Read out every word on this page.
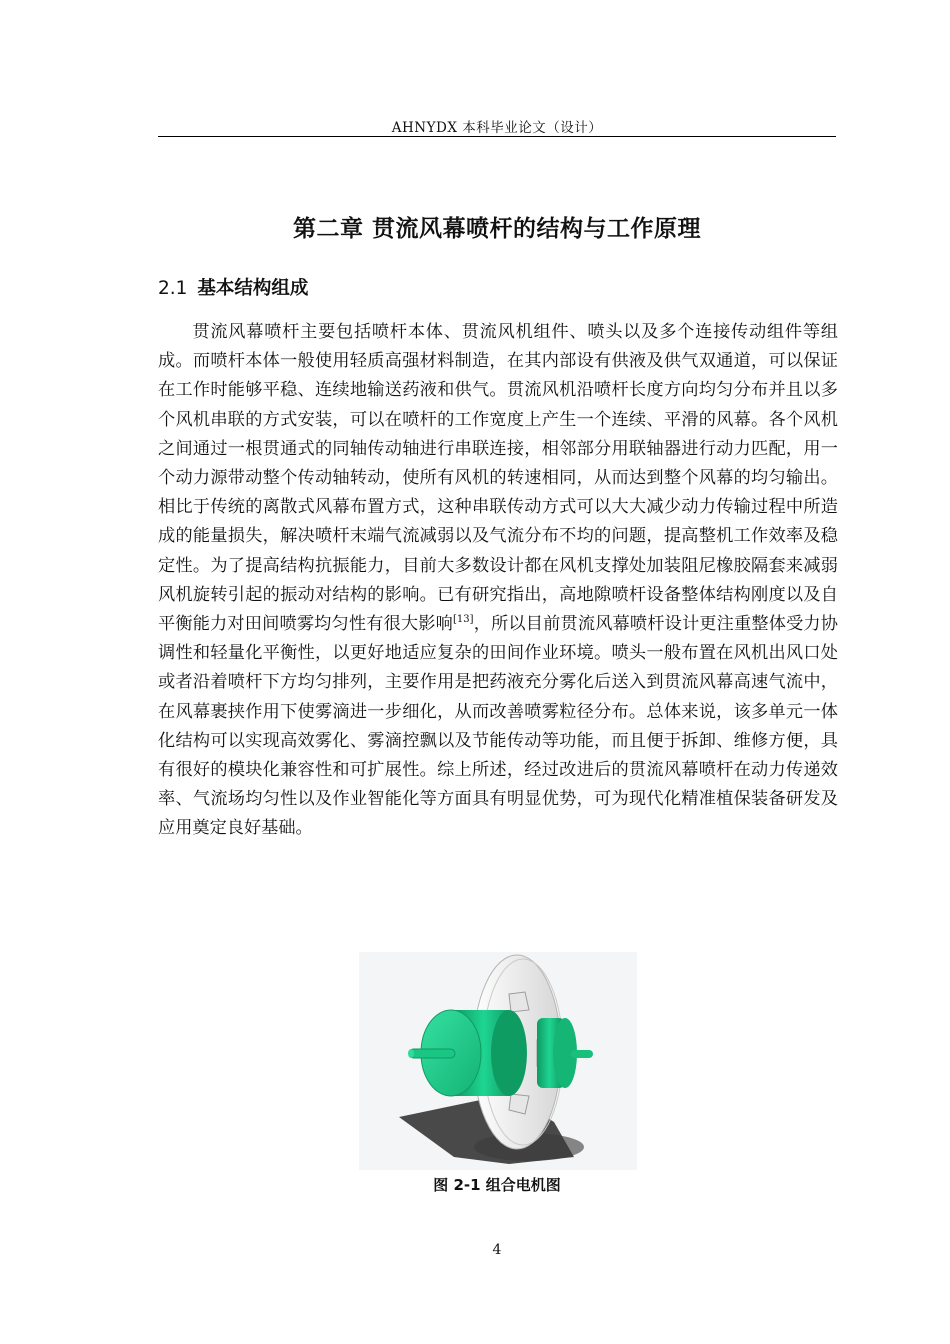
AHNYDX 本科毕业论文（设计）
第二章 贯流风幕喷杆的结构与工作原理
2.1 基本结构组成

贯流风幕喷杆主要包括喷杆本体、贯流风机组件、喷头以及多个连接传动组件等组成。而喷杆本体一般使用轻质高强材料制造，在其内部设有供液及供气双通道，可以保证在工作时能够平稳、连续地输送药液和供气。贯流风机沿喷杆长度方向均匀分布并且以多个风机串联的方式安装，可以在喷杆的工作宽度上产生一个连续、平滑的风幕。各个风机之间通过一根贯通式的同轴传动轴进行串联连接，相邻部分用联轴器进行动力匹配，用一个动力源带动整个传动轴转动，使所有风机的转速相同，从而达到整个风幕的均匀输出。相比于传统的离散式风幕布置方式，这种串联传动方式可以大大减少动力传输过程中所造成的能量损失，解决喷杆末端气流减弱以及气流分布不均的问题，提高整机工作效率及稳定性。为了提高结构抗振能力，目前大多数设计都在风机支撑处加装阻尼橡胶隔套来减弱风机旋转引起的振动对结构的影响。已有研究指出，高地隙喷杆设备整体结构刚度以及自平衡能力对田间喷雾均匀性有很大影响[13]，所以目前贯流风幕喷杆设计更注重整体受力协调性和轻量化平衡性，以更好地适应复杂的田间作业环境。喷头一般布置在风机出风口处或者沿着喷杆下方均匀排列，主要作用是把药液充分雾化后送入到贯流风幕高速气流中，在风幕裹挟作用下使雾滴进一步细化，从而改善喷雾粒径分布。总体来说，该多单元一体化结构可以实现高效雾化、雾滴控飘以及节能传动等功能，而且便于拆卸、维修方便，具有很好的模块化兼容性和可扩展性。综上所述，经过改进后的贯流风幕喷杆在动力传递效率、气流场均匀性以及作业智能化等方面具有明显优势，可为现代化精准植保装备研发及应用奠定良好基础。

图 2-1 组合电机图
4
